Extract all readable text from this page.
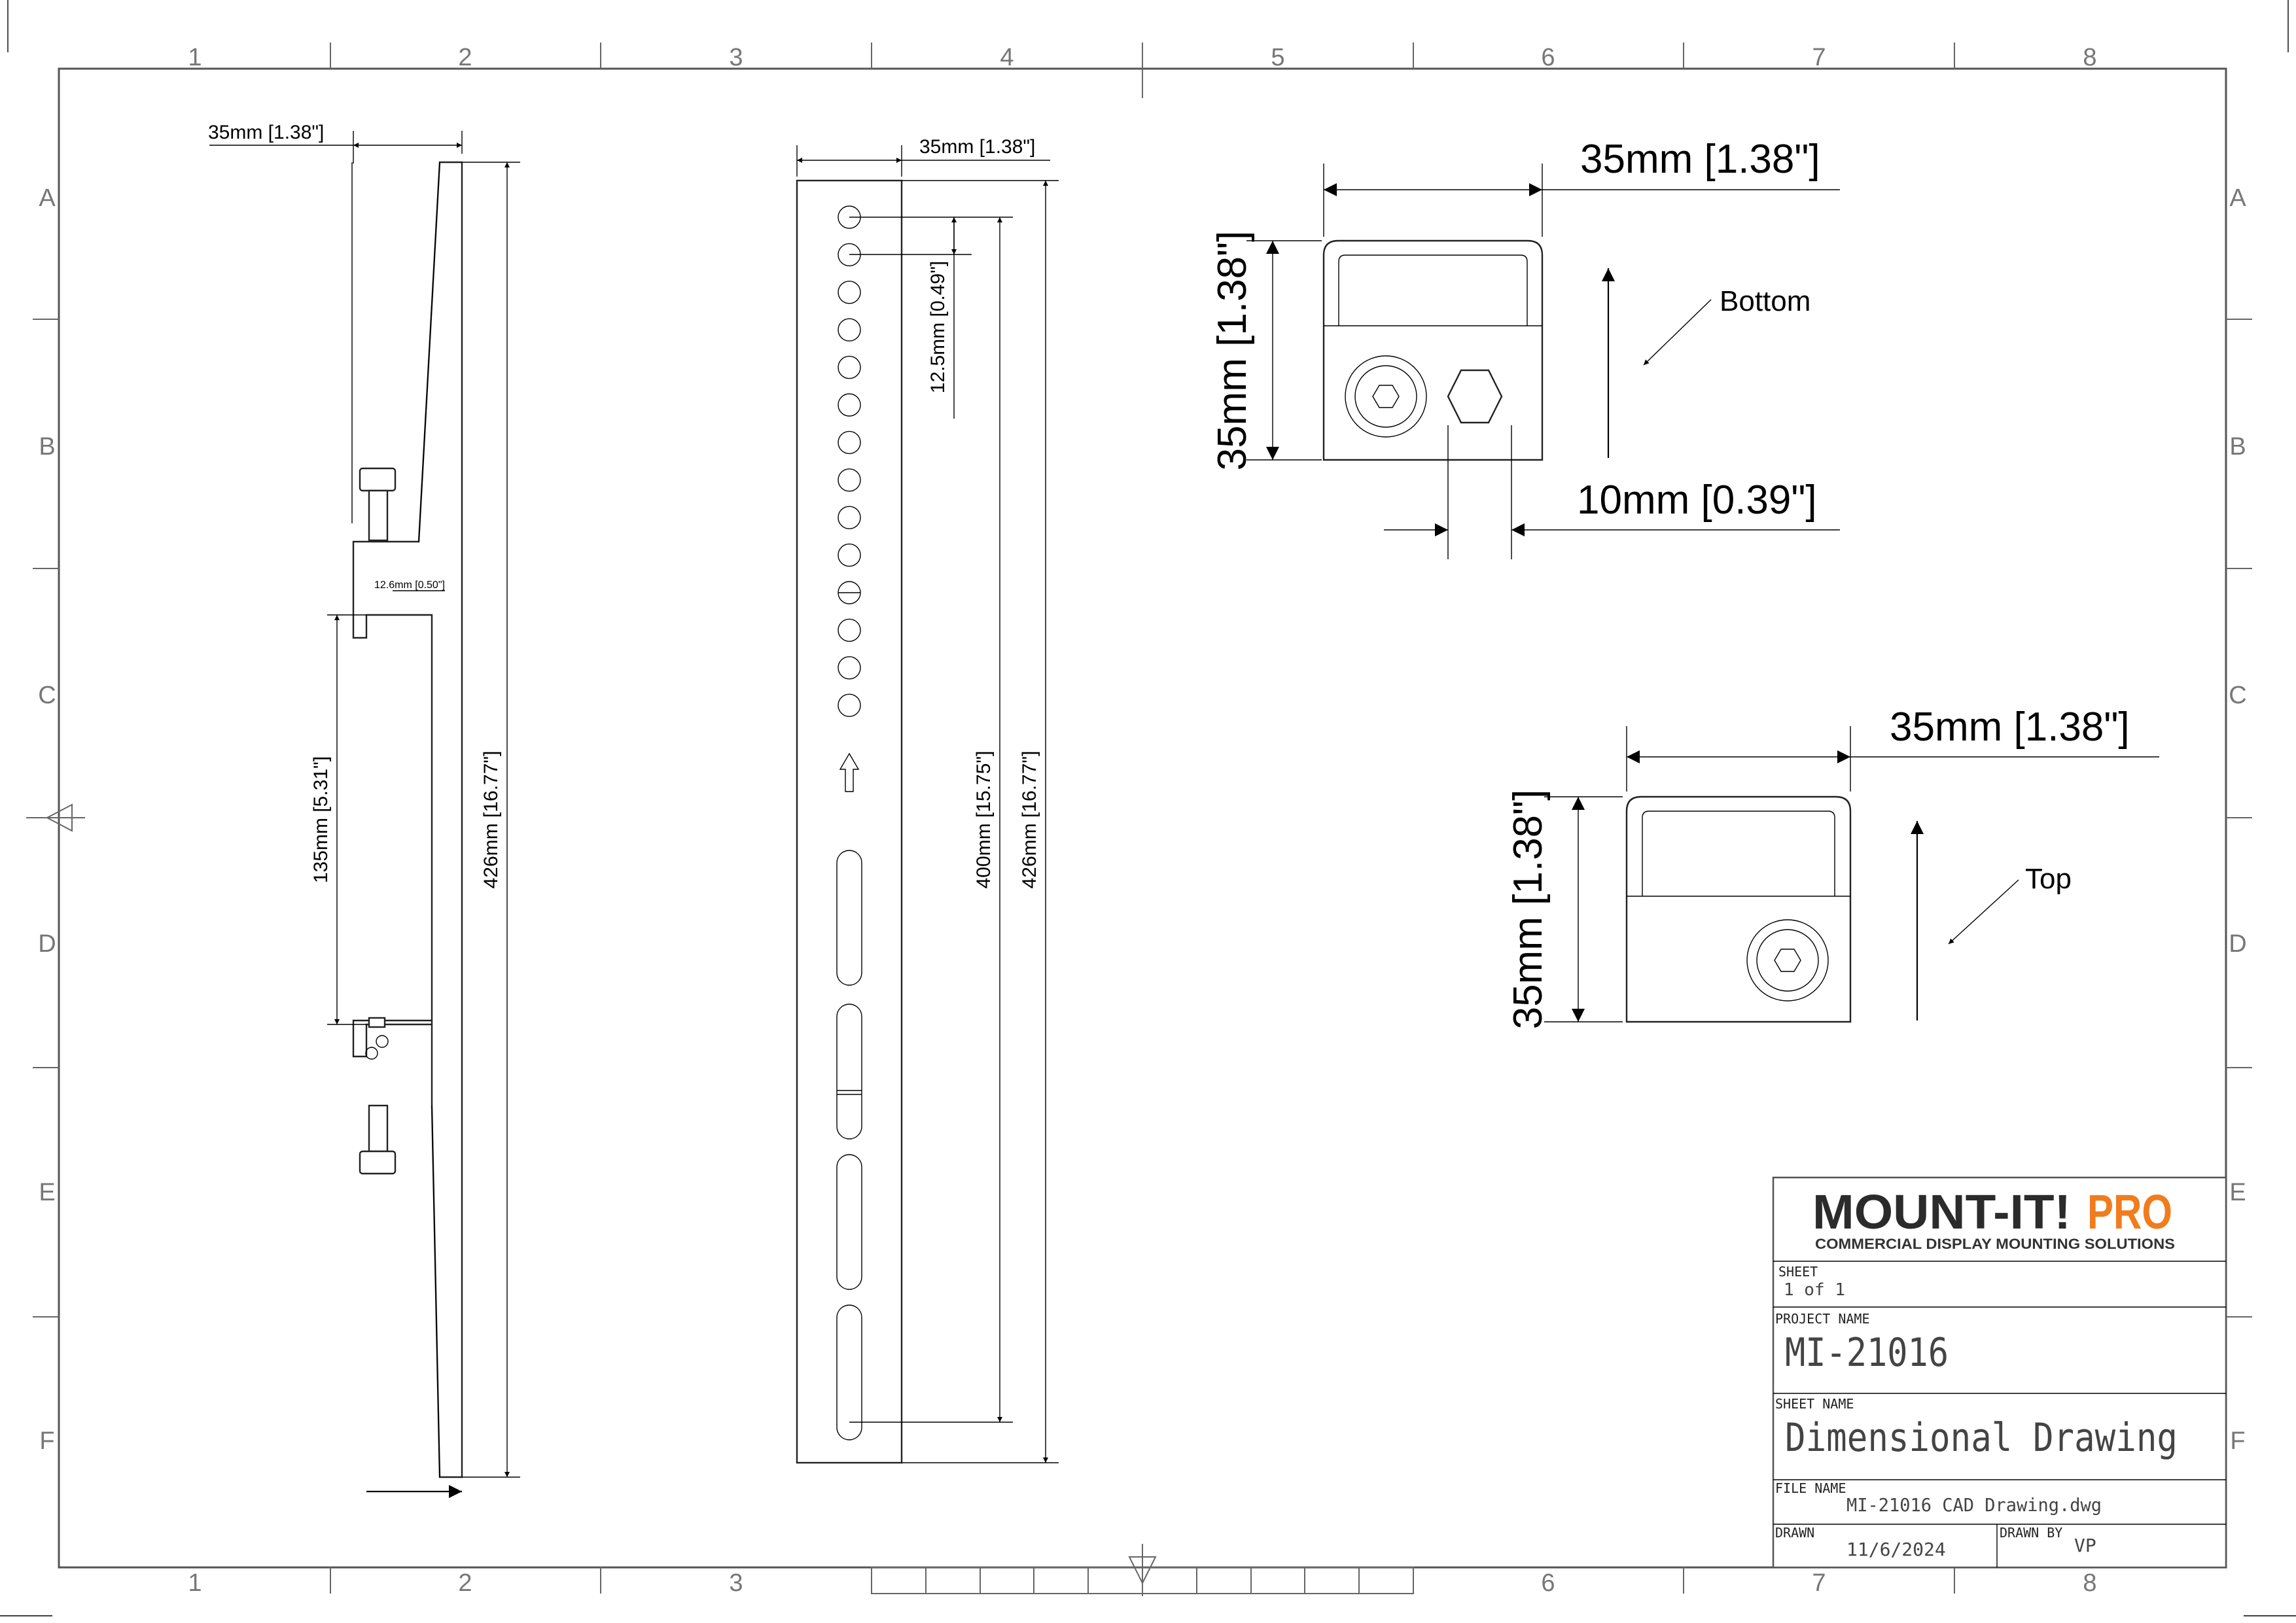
1	2	3	4	5	6	7	8
1	2	3	6	7	8
A
B
C
D
E
F
A
B
C
D
E
F
35mm [1.38"]
12.6mm [0.50"]
135mm [5.31"]	426mm [16.77"]
35mm [1.38"]
12.5mm [0.49"]
400mm [15.75"] 426mm [16.77"]
35mm [1.38"]
35mm [1.38"]
10mm [0.39"]
Bottom
35mm [1.38"]
35mm [1.38"]	Top
MOUNT-IT! PRO
COMMERCIAL DISPLAY MOUNTING SOLUTIONS
SHEET
1 of 1
PROJECT NAME
MI-21016
SHEET NAME
Dimensional Drawing
FILE NAME
MI-21016 CAD Drawing.dwg
DRAWN
11/6/2024
DRAWN BY
VP
